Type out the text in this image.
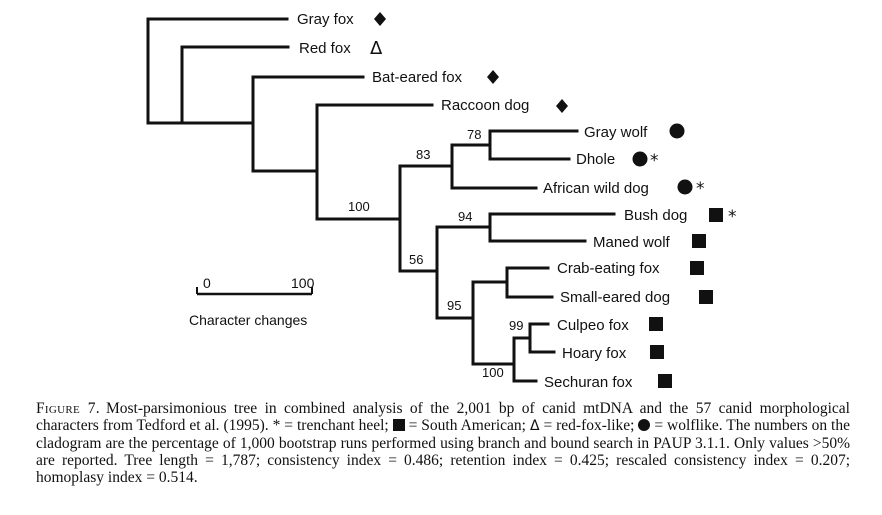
Gray fox
Red fox
Bat-eared fox
Raccoon dog
Gray wolf
Dhole
African wild dog
Bush dog
Maned wolf
Crab-eating fox
Small-eared dog
Culpeo fox
Hoary fox
Sechuran fox
Δ
*
*
*
78
83
100
94
56
95
99
100
0	100
Character changes

Figure 7. Most-parsimonious tree in combined analysis of the 2,001 bp of canid mtDNA and the 57 canid morphological characters from Tedford et al. (1995). * = trenchant heel;  = South American; Δ = red-fox-like;  = wolflike. The numbers on the cladogram are the percentage of 1,000 bootstrap runs performed using branch and bound search in PAUP 3.1.1. Only values >50% are reported. Tree length = 1,787; consistency index = 0.486; retention index = 0.425; rescaled consistency index = 0.207; homoplasy index = 0.514.
